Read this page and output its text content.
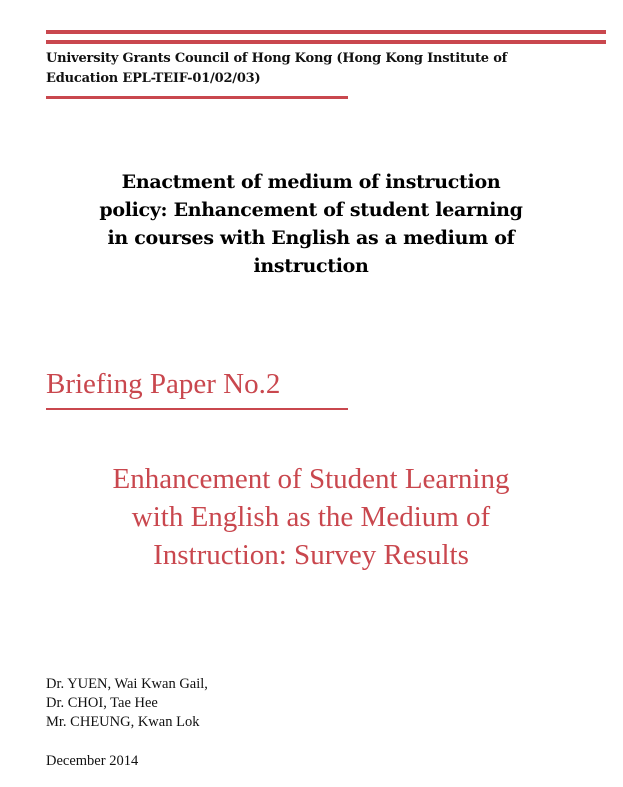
University Grants Council of Hong Kong (Hong Kong Institute of
Education EPL-TEIF-01/02/03)
Enactment of medium of instruction
policy: Enhancement of student learning
in courses with English as a medium of
instruction
Briefing Paper No.2
Enhancement of Student Learning
with English as the Medium of
Instruction: Survey Results
Dr. YUEN, Wai Kwan Gail,
Dr. CHOI, Tae Hee
Mr. CHEUNG, Kwan Lok
December 2014
